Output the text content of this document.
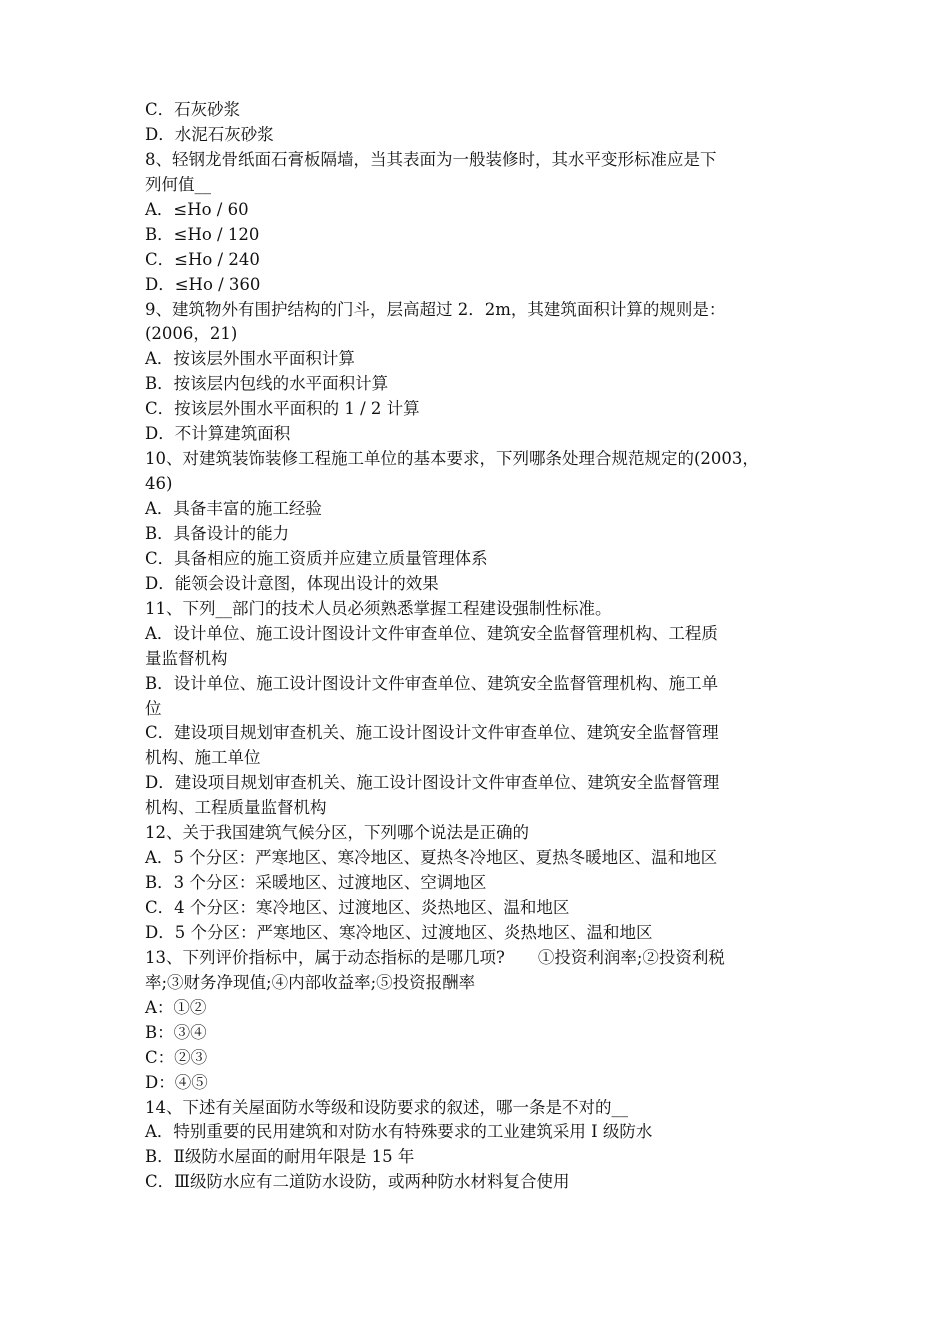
C．石灰砂浆
D．水泥石灰砂浆
8、轻钢龙骨纸面石膏板隔墙，当其表面为一般装修时，其水平变形标准应是下
列何值__
A．≤Ho / 60
B．≤Ho / 120
C．≤Ho / 240
D．≤Ho / 360
9、建筑物外有围护结构的门斗，层高超过 2．2m，其建筑面积计算的规则是：
(2006，21)
A．按该层外围水平面积计算
B．按该层内包线的水平面积计算
C．按该层外围水平面积的 1 / 2 计算
D．不计算建筑面积
10、对建筑装饰装修工程施工单位的基本要求，下列哪条处理合规范规定的(2003，
46)
A．具备丰富的施工经验
B．具备设计的能力
C．具备相应的施工资质并应建立质量管理体系
D．能领会设计意图，体现出设计的效果
11、下列__部门的技术人员必须熟悉掌握工程建设强制性标准。
A．设计单位、施工设计图设计文件审查单位、建筑安全监督管理机构、工程质
量监督机构
B．设计单位、施工设计图设计文件审查单位、建筑安全监督管理机构、施工单
位
C．建设项目规划审查机关、施工设计图设计文件审查单位、建筑安全监督管理
机构、施工单位
D．建设项目规划审查机关、施工设计图设计文件审查单位、建筑安全监督管理
机构、工程质量监督机构
12、关于我国建筑气候分区，下列哪个说法是正确的
A．5 个分区：严寒地区、寒冷地区、夏热冬冷地区、夏热冬暖地区、温和地区
B．3 个分区：采暖地区、过渡地区、空调地区
C．4 个分区：寒冷地区、过渡地区、炎热地区、温和地区
D．5 个分区：严寒地区、寒冷地区、过渡地区、炎热地区、温和地区
13、下列评价指标中，属于动态指标的是哪几项?　　①投资利润率;②投资利税
率;③财务净现值;④内部收益率;⑤投资报酬率
A：①②
B：③④
C：②③
D：④⑤
14、下述有关屋面防水等级和设防要求的叙述，哪一条是不对的__
A．特别重要的民用建筑和对防水有特殊要求的工业建筑采用 I 级防水
B．Ⅱ级防水屋面的耐用年限是 15 年
C．Ⅲ级防水应有二道防水设防，或两种防水材料复合使用
